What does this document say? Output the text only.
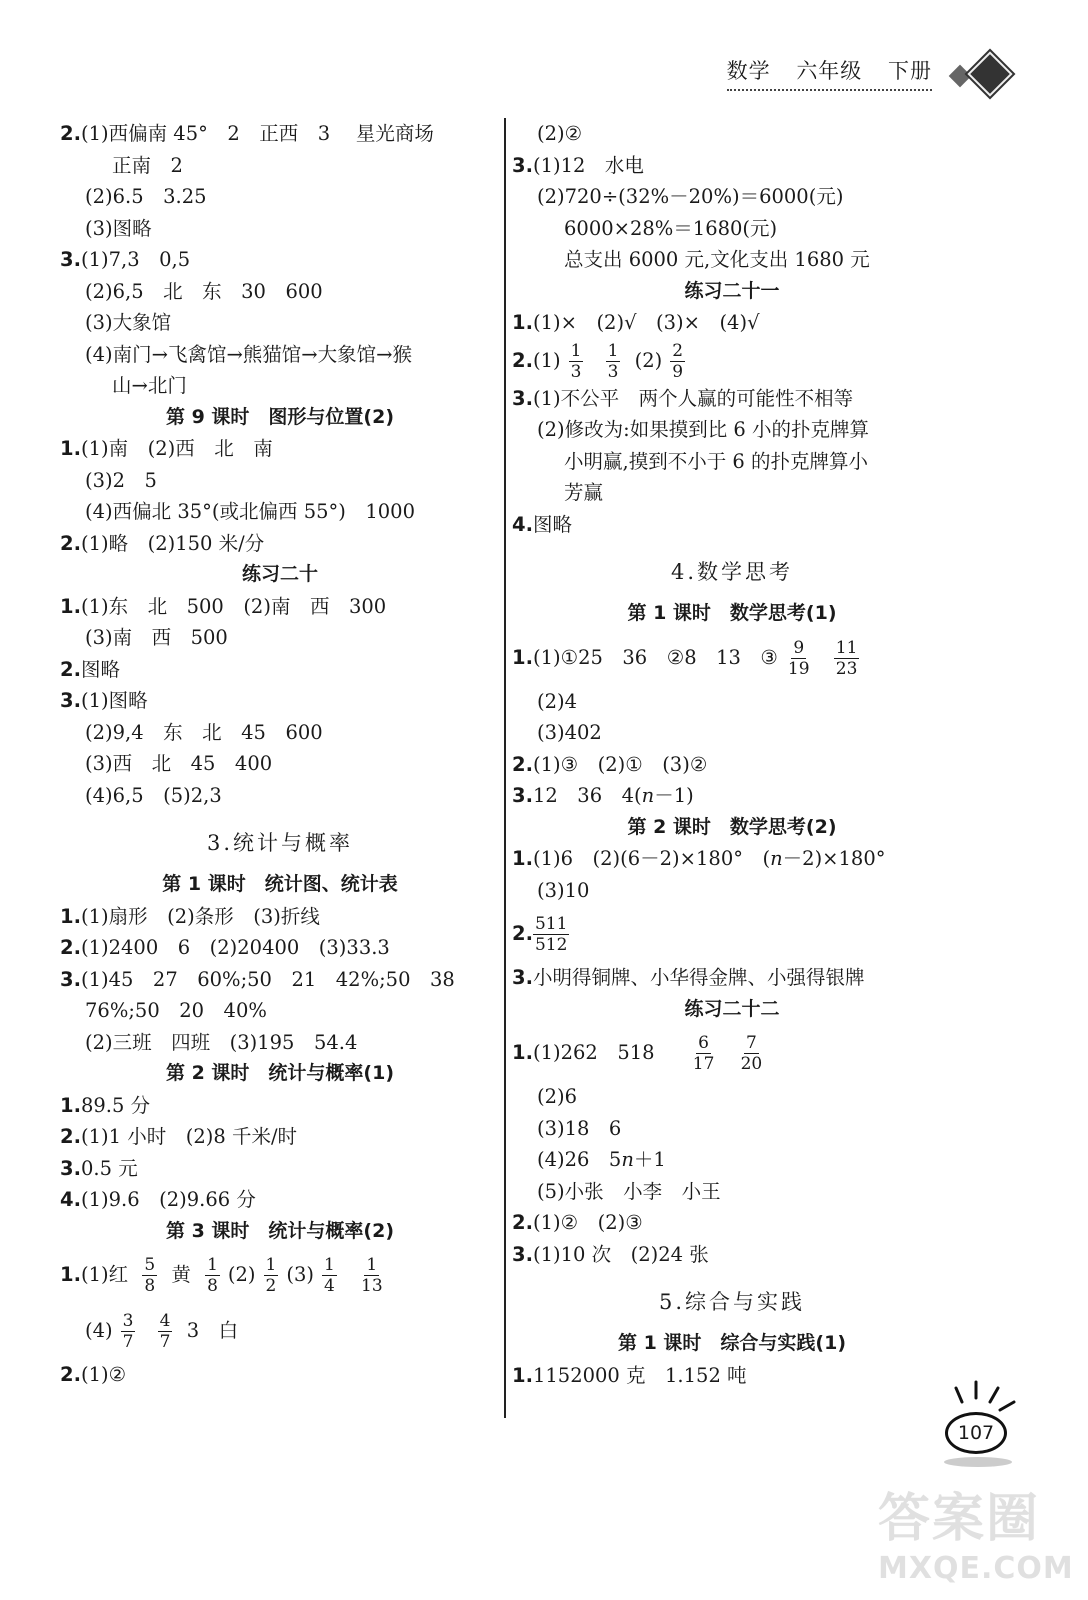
数学 六年级 下册
2.(1)西偏南 45°　2　正西　3　 星光商场
正南　2
(2)6.5　3.25
(3)图略
3.(1)7,3　0,5
(2)6,5　北　东　30　600
(3)大象馆
(4)南门→飞禽馆→熊猫馆→大象馆→猴
山→北门
第 9 课时　图形与位置(2)
1.(1)南　(2)西　北　南
(3)2　5
(4)西偏北 35°(或北偏西 55°)　1000
2.(1)略　(2)150 米/分
练习二十
1.(1)东　北　500　(2)南　西　300
(3)南　西　500
2.图略
3.(1)图略
(2)9,4　东　北　45　600
(3)西　北　45　400
(4)6,5　(5)2,3
3.统计与概率
第 1 课时　统计图、统计表
1.(1)扇形　(2)条形　(3)折线
2.(1)2400　6　(2)20400　(3)33.3
3.(1)45　27　60%;50　21　42%;50　38
76%;50　20　40%
(2)三班　四班　(3)195　54.4
第 2 课时　统计与概率(1)
1.89.5 分
2.(1)1 小时　(2)8 千米/时
3.0.5 元
4.(1)9.6　(2)9.66 分
第 3 课时　统计与概率(2)
1.(1)红 $\frac{5}{8}$ 黄 $\frac{1}{8} (2) \frac{1}{2} (3) \frac{1}{4}$
$\frac{1}{13}$
$(4) \frac{3}{7}$
$\frac{4}{7} 3$　白
2.(1)②
(2)②
3.(1)12　水电
(2)720÷(32%－20%)＝6000(元)
6000×28%＝1680(元)
总支出 6000 元,文化支出 1680 元
练习二十一
1.(1)×　(2)√　(3)×　(4)√
$2.(1) \frac{1}{3}$
$\frac{1}{3} (2) \frac{2}{9}$
3.(1)不公平　两个人赢的可能性不相等
(2)修改为:如果摸到比 6 小的扑克牌算
小明赢,摸到不小于 6 的扑克牌算小
芳赢
4.图略
4.数学思考
第 1 课时　数学思考(1)
1.(1)①25　36　②8　13　③ $\frac{9}{19}$
$\frac{11}{23}$
(2)4
(3)402
2.(1)③　(2)①　(3)②
3.12　36　4(n－1)
第 2 课时　数学思考(2)
1.(1)6　(2)(6－2)×180°　(n－2)×180°
(3)10
2. $\frac{511}{512}$
3.小明得铜牌、小华得金牌、小强得银牌
练习二十二
1.(1)262　$518 \frac{6}{17}$
$\frac{7}{20}$
(2)6
(3)18　6
(4)26　5n＋1
(5)小张　小李　小王
2.(1)②　(2)③
3.(1)10 次　(2)24 张
5.综合与实践
第 1 课时　综合与实践(1)
1.1152000 克　1.152 吨
107
答案圈
MXQE.COM
